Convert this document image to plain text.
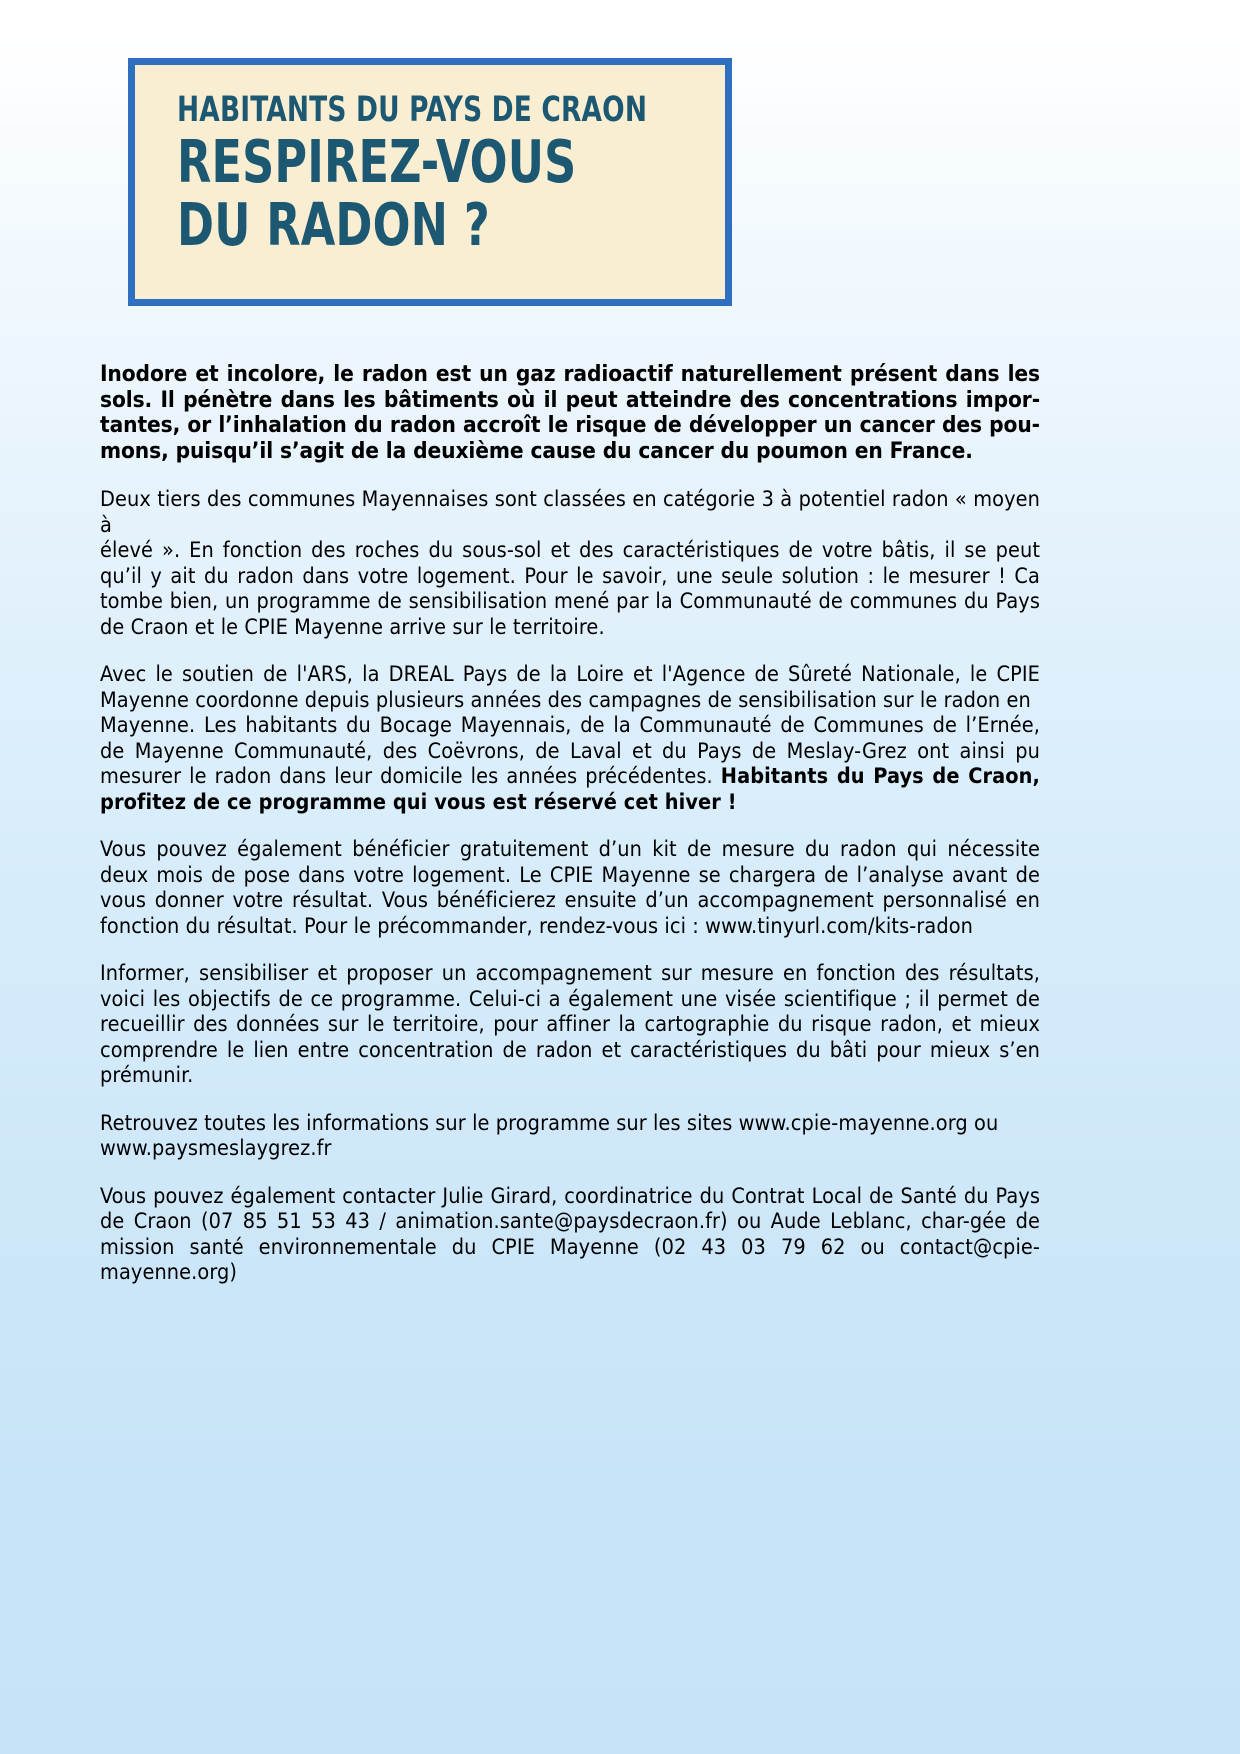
HABITANTS DU PAYS DE CRAON
RESPIREZ-VOUS
DU RADON ?

Inodore et incolore, le radon est un gaz radioactif naturellement présent dans les sols. Il pénètre dans les bâtiments où il peut atteindre des concentrations impor-tantes, or l’inhalation du radon accroît le risque de développer un cancer des pou-mons, puisqu’il s’agit de la deuxième cause du cancer du poumon en France.

Deux tiers des communes Mayennaises sont classées en catégorie 3 à potentiel radon « moyen à
élevé ». En fonction des roches du sous-sol et des caractéristiques de votre bâtis, il se peut qu’il y ait du radon dans votre logement. Pour le savoir, une seule solution : le mesurer ! Ca tombe bien, un programme de sensibilisation mené par la Communauté de communes du Pays de Craon et le CPIE Mayenne arrive sur le territoire.

Avec le soutien de l'ARS, la DREAL Pays de la Loire et l'Agence de Sûreté Nationale, le CPIE Mayenne coordonne depuis plusieurs années des campagnes de sensibilisation sur le radon en
Mayenne. Les habitants du Bocage Mayennais, de la Communauté de Communes de l’Ernée, de Mayenne Communauté, des Coëvrons, de Laval et du Pays de Meslay-Grez ont ainsi pu mesurer le radon dans leur domicile les années précédentes. Habitants du Pays de Craon, profitez de ce programme qui vous est réservé cet hiver !

Vous pouvez également bénéficier gratuitement d’un kit de mesure du radon qui nécessite deux mois de pose dans votre logement. Le CPIE Mayenne se chargera de l’analyse avant de vous donner votre résultat. Vous bénéficierez ensuite d’un accompagnement personnalisé en fonction du résultat. Pour le précommander, rendez-vous ici : www.tinyurl.com/kits-radon

Informer, sensibiliser et proposer un accompagnement sur mesure en fonction des résultats, voici les objectifs de ce programme. Celui-ci a également une visée scientifique ; il permet de recueillir des données sur le territoire, pour affiner la cartographie du risque radon, et mieux comprendre le lien entre concentration de radon et caractéristiques du bâti pour mieux s’en prémunir.

Retrouvez toutes les informations sur le programme sur les sites www.cpie-mayenne.org ou www.paysmeslaygrez.fr

Vous pouvez également contacter Julie Girard, coordinatrice du Contrat Local de Santé du Pays de Craon (07 85 51 53 43 / animation.sante@paysdecraon.fr) ou Aude Leblanc, char-gée de mission santé environnementale du CPIE Mayenne (02 43 03 79 62 ou contact@cpie-mayenne.org)
